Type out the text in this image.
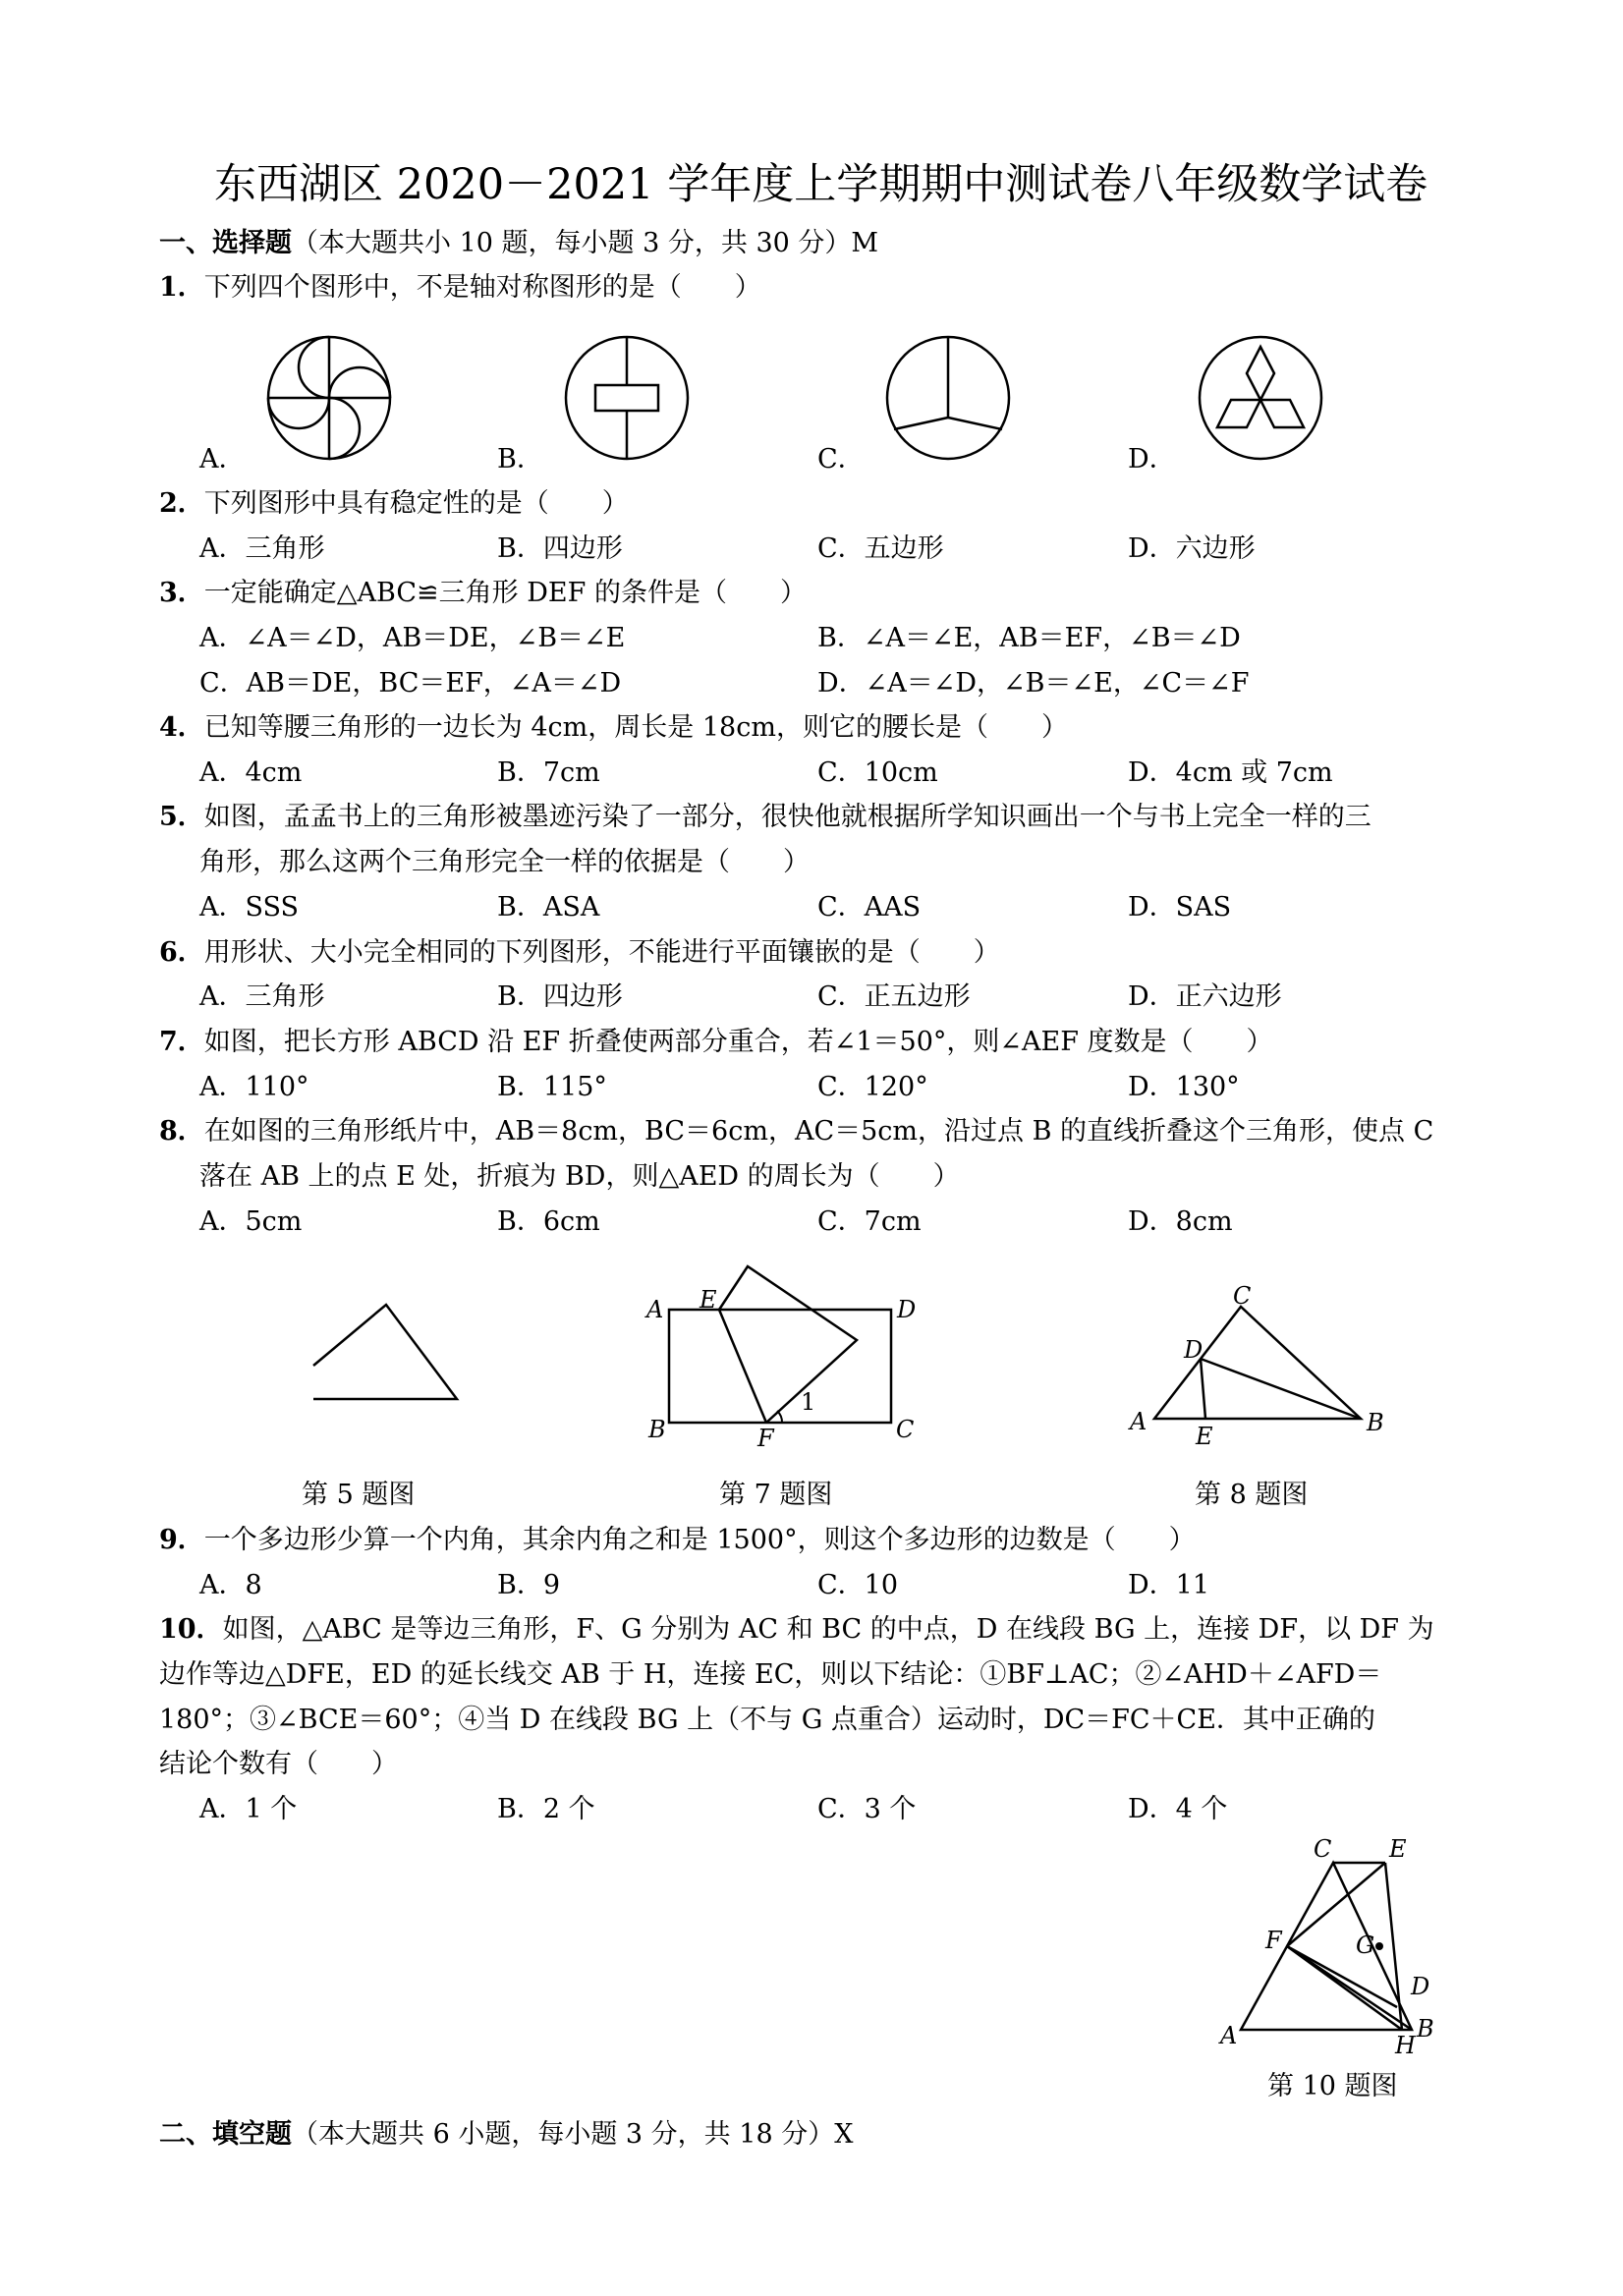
东西湖区 2020－2021 学年度上学期期中测试卷八年级数学试卷
一、选择题（本大题共小 10 题，每小题 3 分，共 30 分）M
1．下列四个图形中，不是轴对称图形的是（　　）
A．	B．	C．	D．
2．下列图形中具有稳定性的是（　　）
A．三角形	B．四边形	C．五边形	D．六边形
3．一定能确定△ABC≌三角形 DEF 的条件是（　　）
A．∠A＝∠D，AB＝DE，∠B＝∠E	B．∠A＝∠E，AB＝EF，∠B＝∠D
C．AB＝DE，BC＝EF，∠A＝∠D	D．∠A＝∠D，∠B＝∠E，∠C＝∠F
4．已知等腰三角形的一边长为 4cm，周长是 18cm，则它的腰长是（　　）
A．4cm	B．7cm	C．10cm	D．4cm 或 7cm
5．如图，孟孟书上的三角形被墨迹污染了一部分，很快他就根据所学知识画出一个与书上完全一样的三
角形，那么这两个三角形完全一样的依据是（　　）
A．SSS	B．ASA	C．AAS	D．SAS
6．用形状、大小完全相同的下列图形，不能进行平面镶嵌的是（　　）
A．三角形	B．四边形	C．正五边形	D．正六边形
7．如图，把长方形 ABCD 沿 EF 折叠使两部分重合，若∠1＝50°，则∠AEF 度数是（　　）
A．110°	B．115°	C．120°	D．130°
8．在如图的三角形纸片中，AB＝8cm，BC＝6cm，AC＝5cm，沿过点 B 的直线折叠这个三角形，使点 C
落在 AB 上的点 E 处，折痕为 BD，则△AED 的周长为（　　）
A．5cm	B．6cm	C．7cm	D．8cm
A E	D
B	F	C
1
C
D
A
E	B
第 5 题图	第 7 题图	第 8 题图
9．一个多边形少算一个内角，其余内角之和是 1500°，则这个多边形的边数是（　　）
A．8	B．9	C．10	D．11
10．如图，△ABC 是等边三角形，F、G 分别为 AC 和 BC 的中点，D 在线段 BG 上，连接 DF，以 DF 为
边作等边△DFE，ED 的延长线交 AB 于 H，连接 EC，则以下结论：①BF⊥AC；②∠AHD＋∠AFD＝
180°；③∠BCE＝60°；④当 D 在线段 BG 上（不与 G 点重合）运动时，DC＝FC＋CE．其中正确的
结论个数有（　　）
A．1 个	B．2 个	C．3 个	D．4 个
C E
F	G
D
A	H
B
第 10 题图
二、填空题（本大题共 6 小题，每小题 3 分，共 18 分）X
